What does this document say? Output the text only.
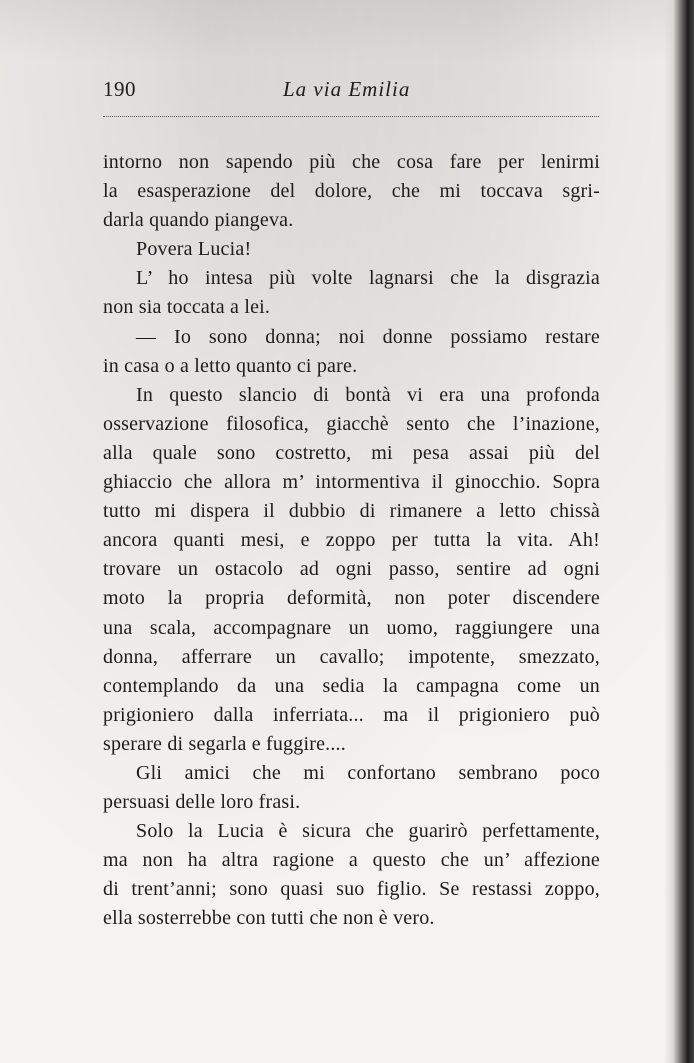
190	La via Emilia
intorno non sapendo più che cosa fare per lenirmi
la esasperazione del dolore, che mi toccava sgri-
darla quando piangeva.
Povera Lucia!
L’ ho intesa più volte lagnarsi che la disgrazia
non sia toccata a lei.
— Io sono donna; noi donne possiamo restare
in casa o a letto quanto ci pare.
In questo slancio di bontà vi era una profonda
osservazione filosofica, giacchè sento che l’inazione,
alla quale sono costretto, mi pesa assai più del
ghiaccio che allora m’ intormentiva il ginocchio. Sopra
tutto mi dispera il dubbio di rimanere a letto chissà
ancora quanti mesi, e zoppo per tutta la vita. Ah!
trovare un ostacolo ad ogni passo, sentire ad ogni
moto la propria deformità, non poter discendere
una scala, accompagnare un uomo, raggiungere una
donna, afferrare un cavallo; impotente, smezzato,
contemplando da una sedia la campagna come un
prigioniero dalla inferriata... ma il prigioniero può
sperare di segarla e fuggire....
Gli amici che mi confortano sembrano poco
persuasi delle loro frasi.
Solo la Lucia è sicura che guarirò perfettamente,
ma non ha altra ragione a questo che un’ affezione
di trent’anni; sono quasi suo figlio. Se restassi zoppo,
ella sosterrebbe con tutti che non è vero.
